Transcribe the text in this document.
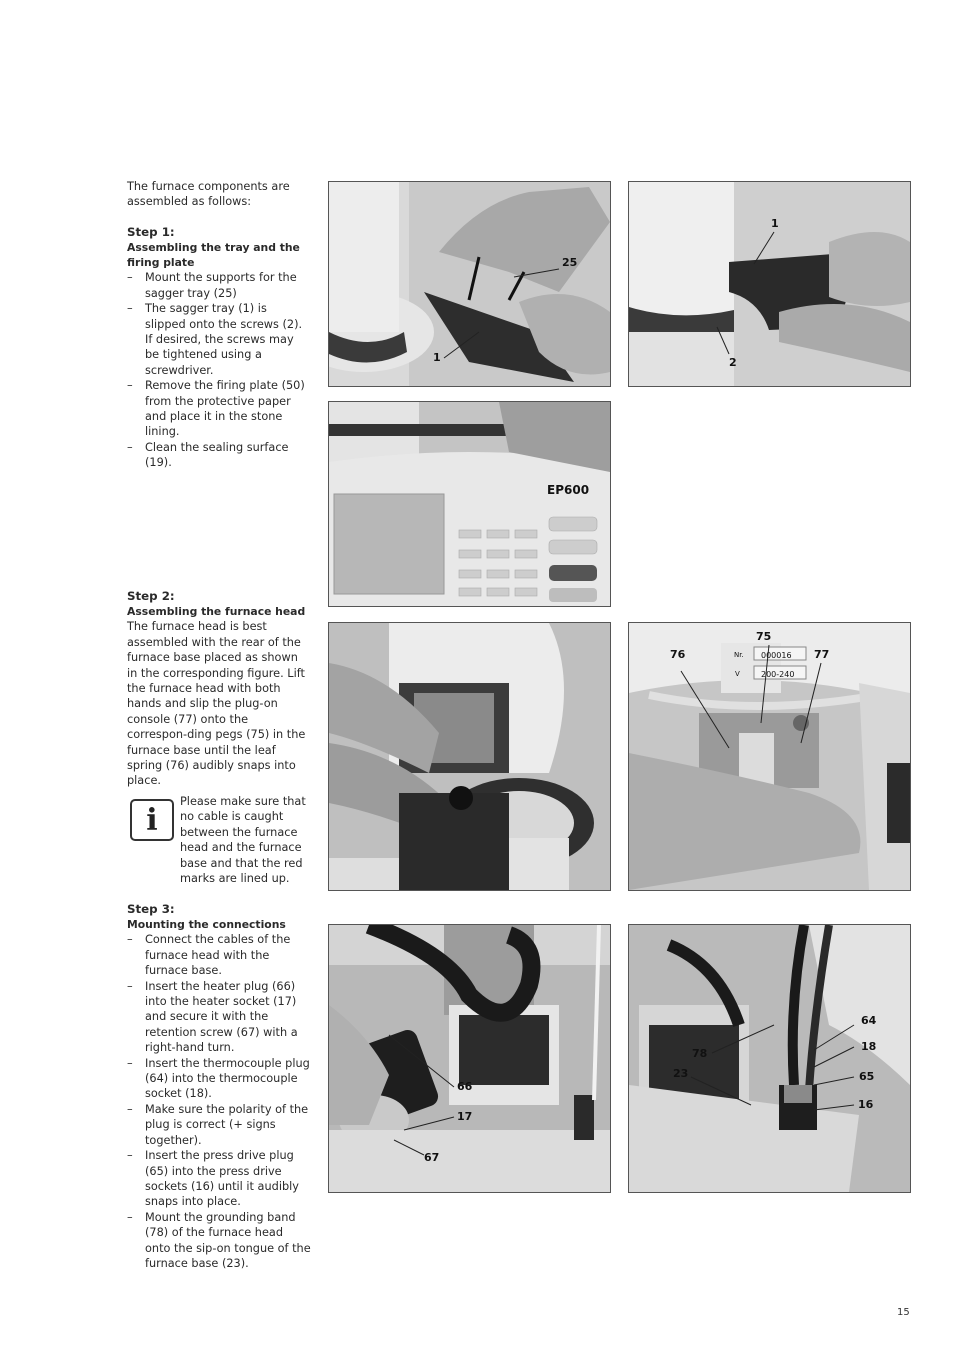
The furnace components are assembled as follows:

Step 1:

Assembling the tray and the firing plate

– Mount the supports for the sagger tray (25)
– The sagger tray (1) is slipped onto the screws (2). If desired, the screws may be tightened using a screwdriver.
– Remove the firing plate (50) from the protective paper and place it in the stone lining.
– Clean the sealing surface (19).

Step 2:

Assembling the furnace head

The furnace head is best assembled with the rear of the furnace base placed as shown in the corresponding figure. Lift the furnace head with both hands and slip the plug-on console (77) onto the correspon-ding pegs (75) in the furnace base until the leaf spring (76) audibly snaps into place.

i
Please make sure that no cable is caught between the furnace head and the furnace base and that the red marks are lined up.

Step 3:

Mounting the connections

– Connect the cables of the furnace head with the furnace base.
– Insert the heater plug (66) into the heater socket (17) and secure it with the retention screw (67) with a right-hand turn.
– Insert the thermocouple plug (64) into the thermocouple socket (18).
– Make sure the polarity of the plug is correct (+ signs together).
– Insert the press drive plug (65) into the press drive sockets (16) until it audibly snaps into place.
– Mount the grounding band (78) of the furnace head onto the sip-on tongue of the furnace base (23).
25
1
1
2
EP600
75
76	77
Nr. 000016
V	200-240
66
17
67
64
18
78
23	65
16
15
